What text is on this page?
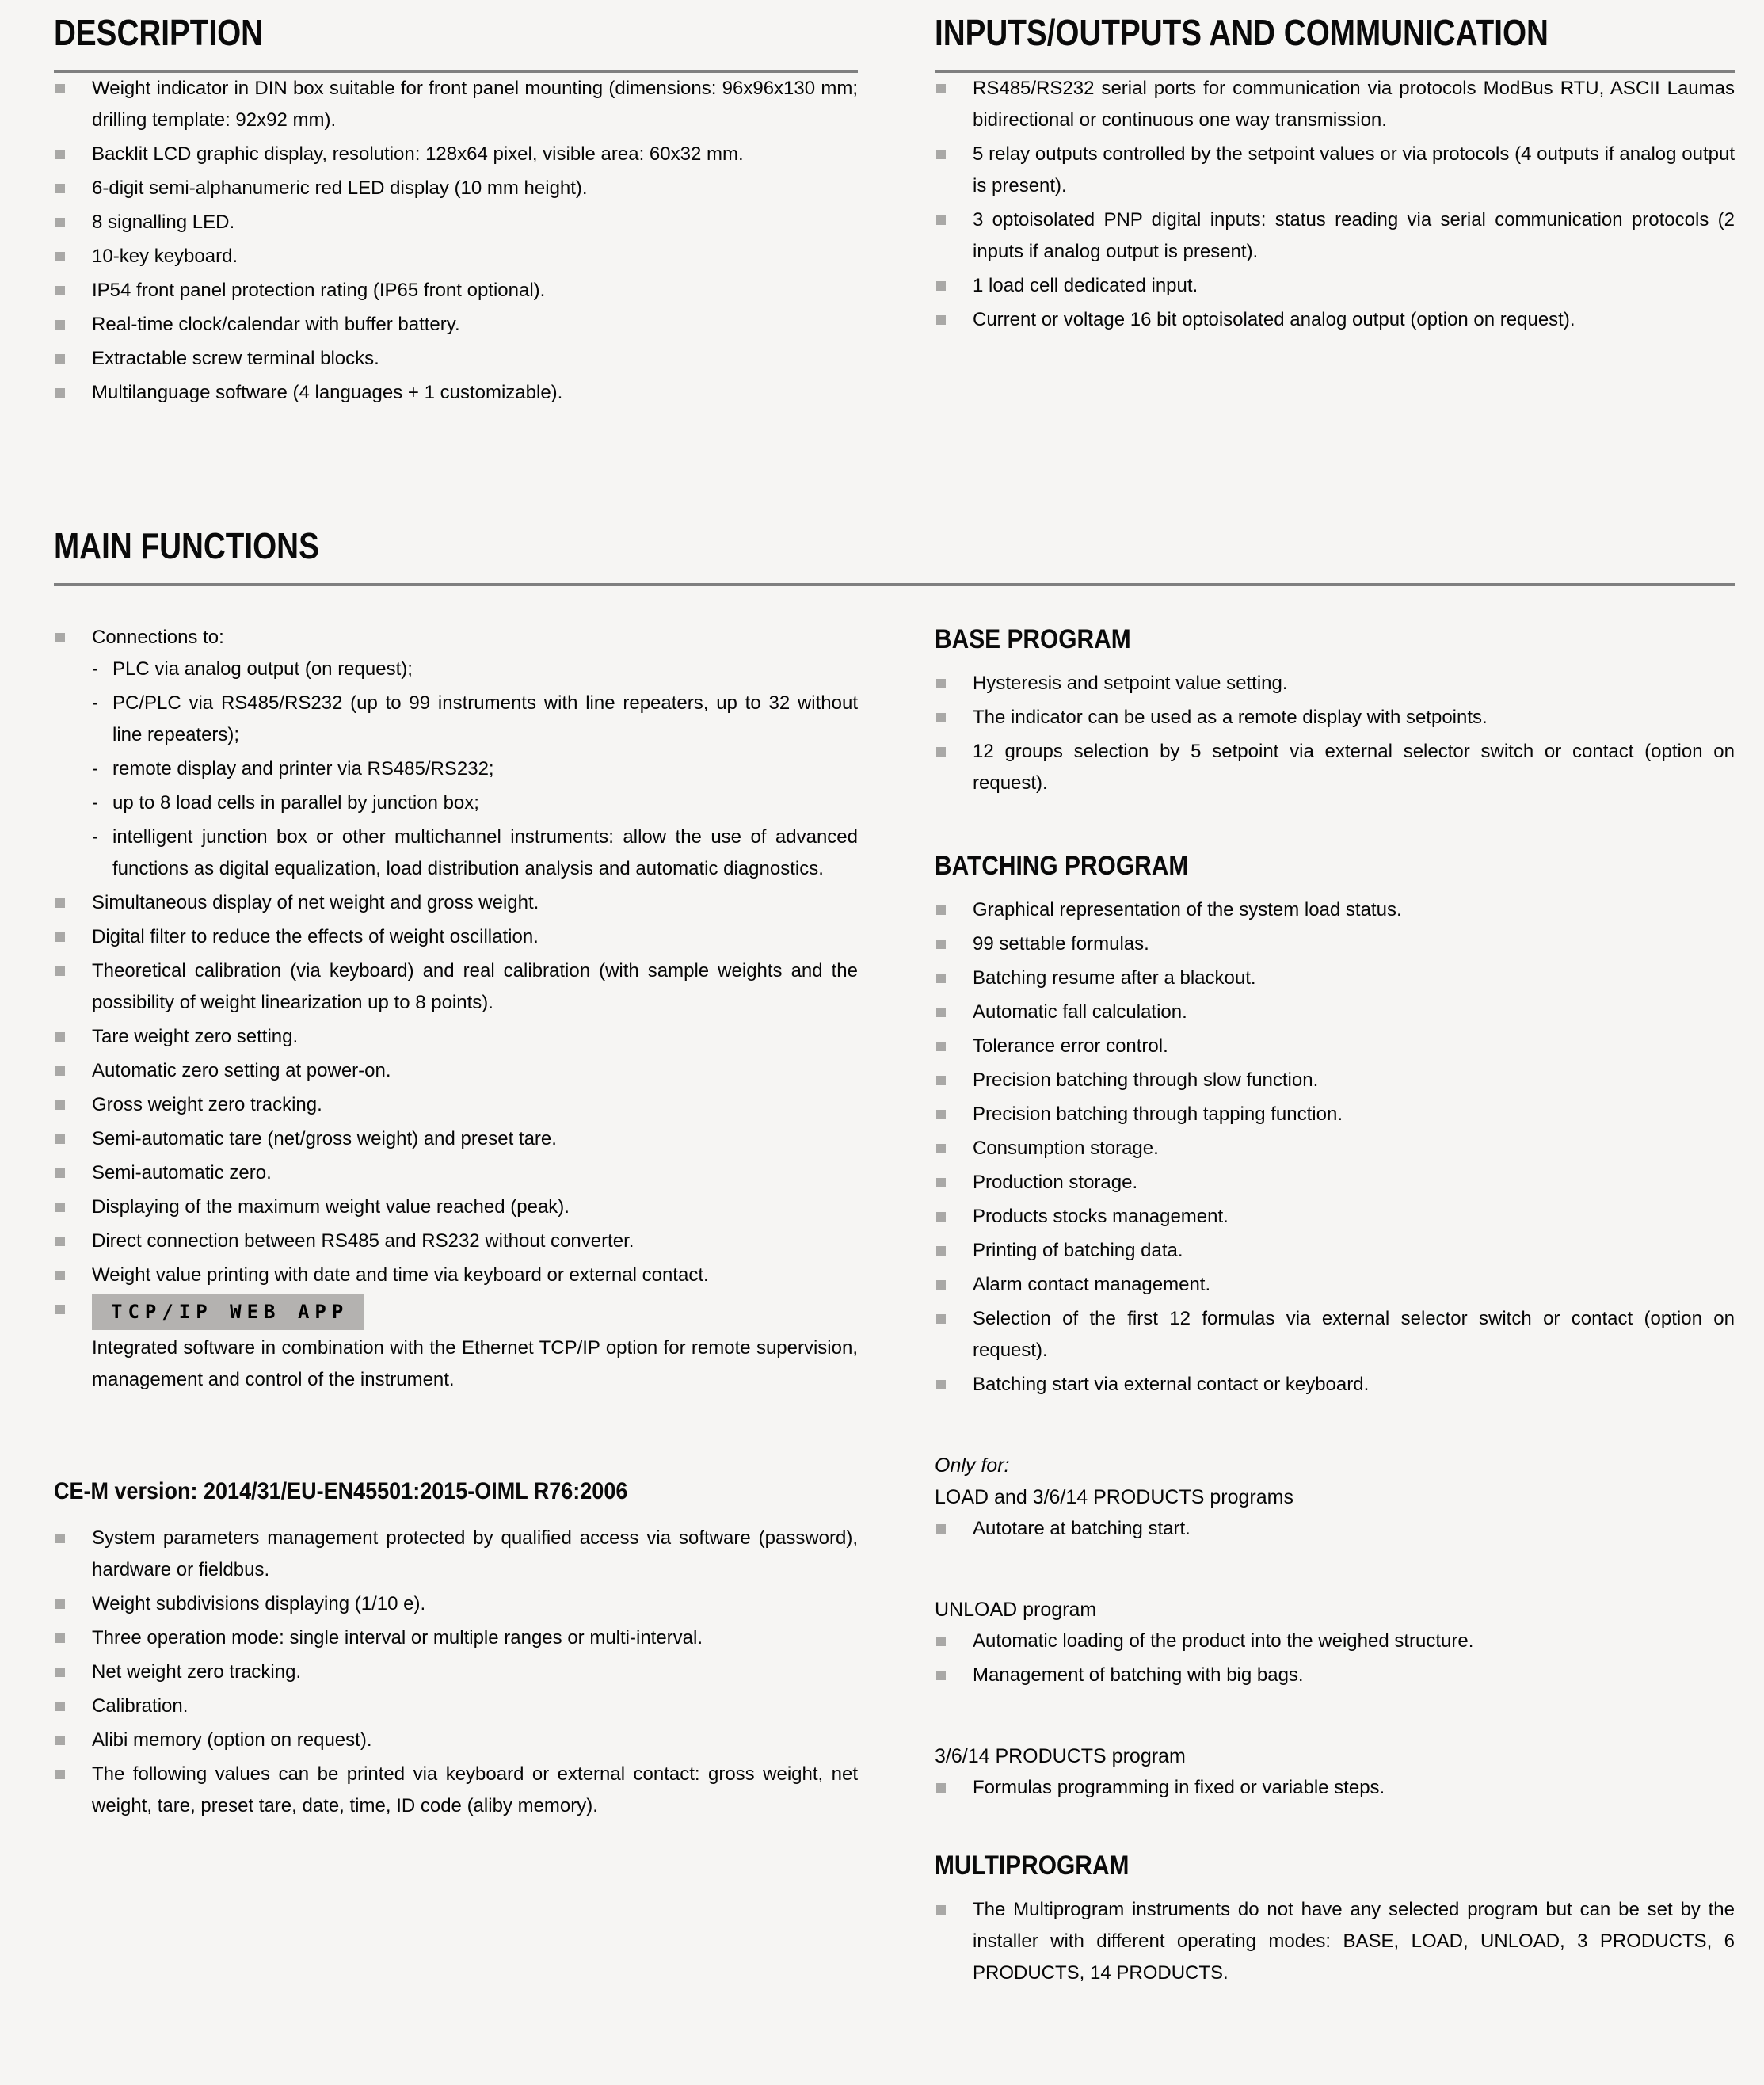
DESCRIPTION
Weight indicator in DIN box suitable for front panel mounting (dimensions: 96x96x130 mm; drilling template: 92x92 mm).
Backlit LCD graphic display, resolution: 128x64 pixel, visible area: 60x32 mm.
6-digit semi-alphanumeric red LED display (10 mm height).
8 signalling LED.
10-key keyboard.
IP54 front panel protection rating (IP65 front optional).
Real-time clock/calendar with buffer battery.
Extractable screw terminal blocks.
Multilanguage software (4 languages + 1 customizable).
INPUTS/OUTPUTS AND COMMUNICATION
RS485/RS232 serial ports for communication via protocols ModBus RTU, ASCII Laumas bidirectional or continuous one way transmission.
5 relay outputs controlled by the setpoint values or via protocols (4 outputs if analog output is present).
3 optoisolated PNP digital inputs: status reading via serial communication protocols (2 inputs if analog output is present).
1 load cell dedicated input.
Current or voltage 16 bit optoisolated analog output (option on request).
MAIN FUNCTIONS
Connections to:
- PLC via analog output (on request);
- PC/PLC via RS485/RS232 (up to 99 instruments with line repeaters, up to 32 without line repeaters);
- remote display and printer via RS485/RS232;
- up to 8 load cells in parallel by junction box;
- intelligent junction box or other multichannel instruments: allow the use of advanced functions as digital equalization, load distribution analysis and automatic diagnostics.
Simultaneous display of net weight and gross weight.
Digital filter to reduce the effects of weight oscillation.
Theoretical calibration (via keyboard) and real calibration (with sample weights and the possibility of weight linearization up to 8 points).
Tare weight zero setting.
Automatic zero setting at power-on.
Gross weight zero tracking.
Semi-automatic tare (net/gross weight) and preset tare.
Semi-automatic zero.
Displaying of the maximum weight value reached (peak).
Direct connection between RS485 and RS232 without converter.
Weight value printing with date and time via keyboard or external contact.
TCP/IP WEB APP

Integrated software in combination with the Ethernet TCP/IP option for remote supervision, management and control of the instrument.

CE-M version: 2014/31/EU-EN45501:2015-OIML R76:2006
System parameters management protected by qualified access via software (password), hardware or fieldbus.
Weight subdivisions displaying (1/10 e).
Three operation mode: single interval or multiple ranges or multi-interval.
Net weight zero tracking.
Calibration.
Alibi memory (option on request).
The following values can be printed via keyboard or external contact: gross weight, net weight, tare, preset tare, date, time, ID code (aliby memory).
BASE PROGRAM
Hysteresis and setpoint value setting.
The indicator can be used as a remote display with setpoints.
12 groups selection by 5 setpoint via external selector switch or contact (option on request).
BATCHING PROGRAM
Graphical representation of the system load status.
99 settable formulas.
Batching resume after a blackout.
Automatic fall calculation.
Tolerance error control.
Precision batching through slow function.
Precision batching through tapping function.
Consumption storage.
Production storage.
Products stocks management.
Printing of batching data.
Alarm contact management.
Selection of the first 12 formulas via external selector switch or contact (option on request).
Batching start via external contact or keyboard.

Only for:

LOAD and 3/6/14 PRODUCTS programs

Autotare at batching start.

UNLOAD program

Automatic loading of the product into the weighed structure.
Management of batching with big bags.

3/6/14 PRODUCTS program

Formulas programming in fixed or variable steps.
MULTIPROGRAM
The Multiprogram instruments do not have any selected program but can be set by the installer with different operating modes: BASE, LOAD, UNLOAD, 3 PRODUCTS, 6 PRODUCTS, 14 PRODUCTS.
